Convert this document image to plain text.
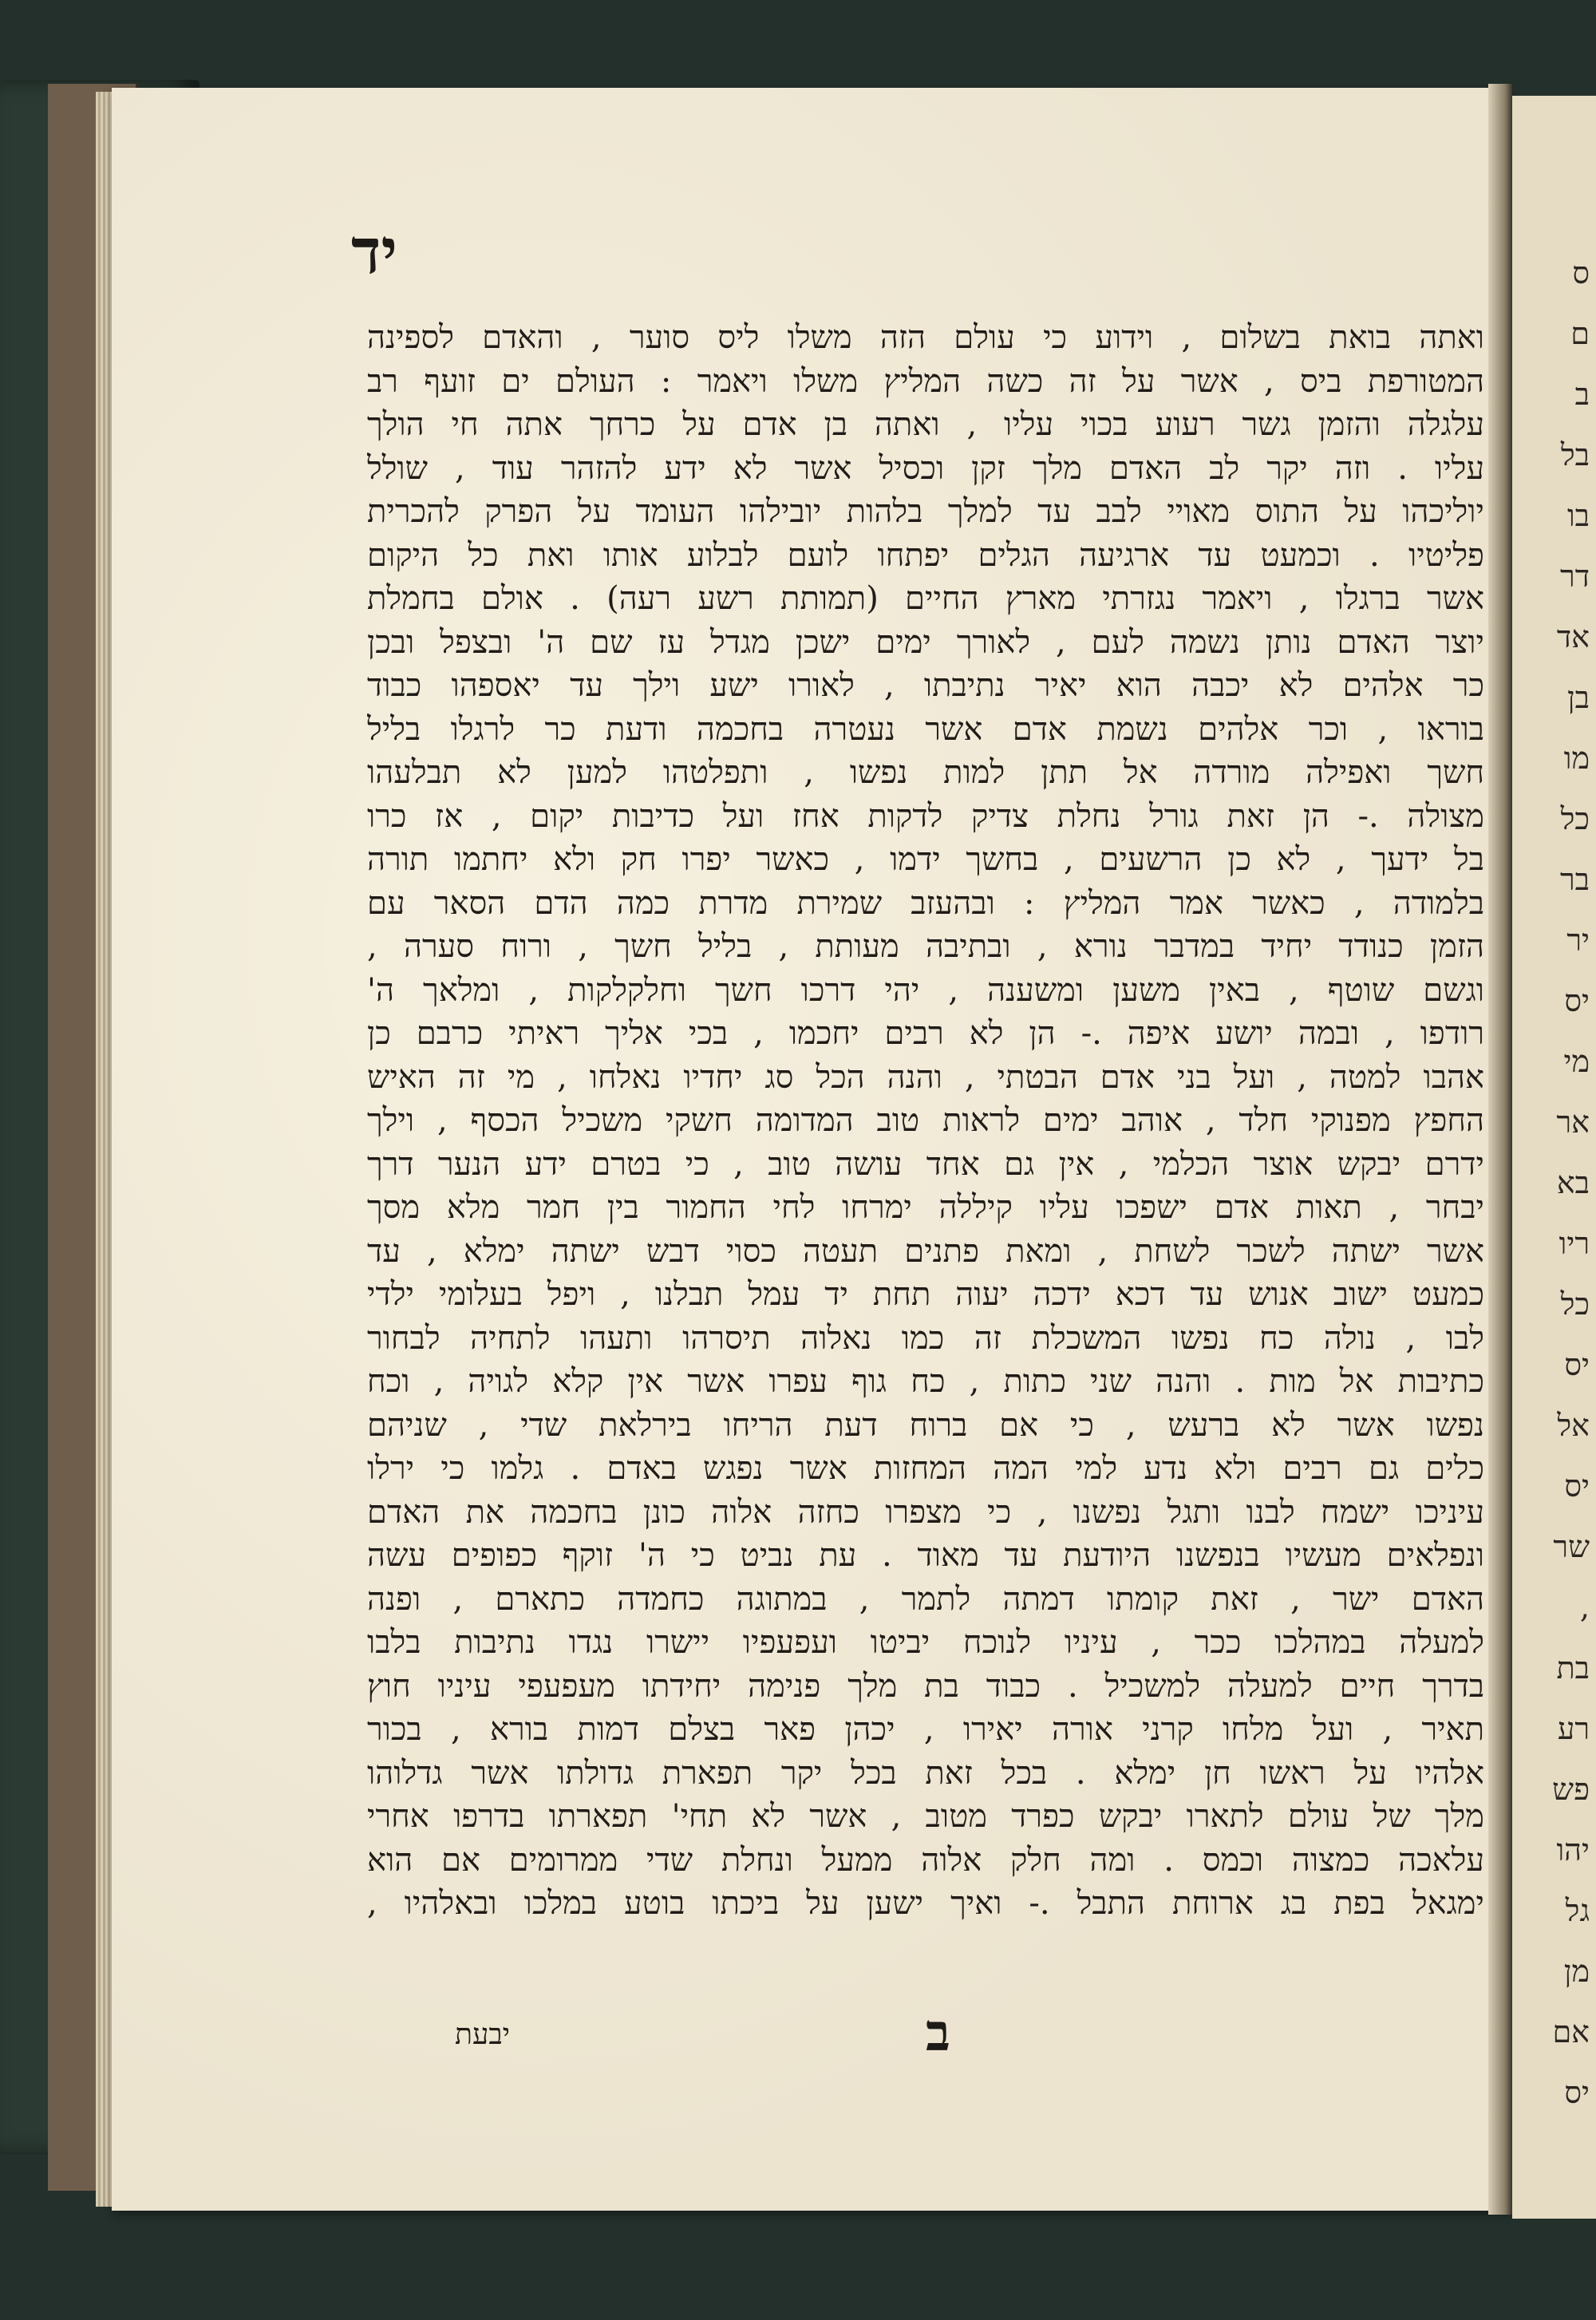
יד
ואתה בואת בשלום , וידוע כי עולם הזה משלו ליס סוער , והאדם לספינה
המטורפת ביס , אשר על זה כשה המליץ משלו ויאמר : העולם ים זועף רב
עלגלה והזמן גשר רעוע בכוי עליו , ואתה בן אדם על כרחך אתה חי הולך
עליו . וזה יקר לב האדם מלך זקן וכסיל אשר לא ידע להזהר עוד , שולל
יוליכהו על התוס מאויי לבב עד למלך בלהות יובילהו העומד על הפרק להכרית
פליטיו . וכמעט עד ארגיעה הגלים יפתחו לועם לבלוע אותו ואת כל היקום
אשר ברגלו , ויאמר נגזרתי מארץ החיים (תמותת רשע רעה) . אולם בחמלת
יוצר האדם נותן נשמה לעם , לאורך ימים ישכן מגדל עז שם ה' ובצפל ובכן
כר אלהים לא יכבה הוא יאיר נתיבתו , לאורו ישע וילך עד יאספהו כבוד
בוראו , וכר אלהים נשמת אדם אשר נעטרה בחכמה ודעת כר לרגלו בליל
חשך ואפילה מורדה אל תתן למות נפשו , ותפלטהו למען לא תבלעהו
מצולה .- הן זאת גורל נחלת צדיק לדקות אחז ועל כדיבות יקום , אז כרו
בל ידעך , לא כן הרשעים , בחשך ידמו , כאשר יפרו חק ולא יחתמו תורה
בלמודה , כאשר אמר המליץ : ובהעזב שמירת מדרת כמה הדם הסאר עם
הזמן כנודד יחיד במדבר נורא , ובתיבה מעותת , בליל חשך , ורוח סערה ,
וגשם שוטף , באין משען ומשענה , יהי דרכו חשך וחלקלקות , ומלאך ה'
רודפו , ובמה יושע איפה .- הן לא רבים יחכמו , בכי אליך ראיתי כרבם כן
אהבו למטה , ועל בני אדם הבטתי , והנה הכל סג יחדיו נאלחו , מי זה האיש
החפץ מפנוקי חלד , אוהב ימים לראות טוב המדומה חשקי משכיל הכסף , וילך
ידרם יבקש אוצר הכלמי , אין גם אחד עושה טוב , כי בטרם ידע הנער דרך
יבחר , תאות אדם ישפכו עליו קיללה ימרחו לחי החמור בין חמר מלא מסך
אשר ישתה לשכר לשחת , ומאת פתנים תעטה כסוי דבש ישתה ימלא , עד
כמעט ישוב אנוש עד דכא ידכה יעוה תחת יד עמל תבלנו , ויפל בעלומי ילדי
לבו , נולה כח נפשו המשכלת זה כמו נאלוה תיסרהו ותעהו לתחיה לבחור
כתיבות אל מות . והנה שני כתות , כח גוף עפרו אשר אין קלא לגויה , וכח
נפשו אשר לא ברעש , כי אם ברוח דעת הריחו בירלאת שדי , שניהם
כלים גם רבים ולא נדע למי המה המחזות אשר נפגש באדם . גלמו כי ירלו
עיניכו ישמח לבנו ותגל נפשנו , כי מצפרו כחזה אלוה כונן בחכמה את האדם
ונפלאים מעשיו בנפשנו היודעת עד מאוד . עת נביט כי ה' זוקף כפופים עשה
האדם ישר , זאת קומתו דמתה לתמר , במתוגה כחמדה כתארם , ופנה
למעלה במהלכו ככר , עיניו לנוכח יביטו ועפעפיו יישרו נגדו נתיבות בלבו
בדרך חיים למעלה למשכיל . כבוד בת מלך פנימה יחידתו מעפעפי עיניו חוץ
תאיר , ועל מלחו קרני אורה יאירו , יכהן פאר בצלם דמות בורא , בכור
אלהיו על ראשו חן ימלא . בכל זאת בכל יקר תפארת גדולתו אשר גדלוהו
מלך של עולם לתארו יבקש כפרד מטוב , אשר לא תחי' תפארתו בדרפו אחרי
עלאכה כמצוה וכמס . ומה חלק אלוה ממעל ונחלת שדי ממרומים אם הוא
ימגאל בפת בג ארוחת התבל .- ואיך ישען על ביכתו בוטע במלכו ובאלהיו ,
יבעת	ב
ס
ם
ב
בל
בו
דר
אד
בן
מו
כל
בר
יר
יס
מי
אר
בא
ריו
כל
יס
אל
יס
שר
,
בת
רע
פש
יהו
גל
מן
אם
יס
